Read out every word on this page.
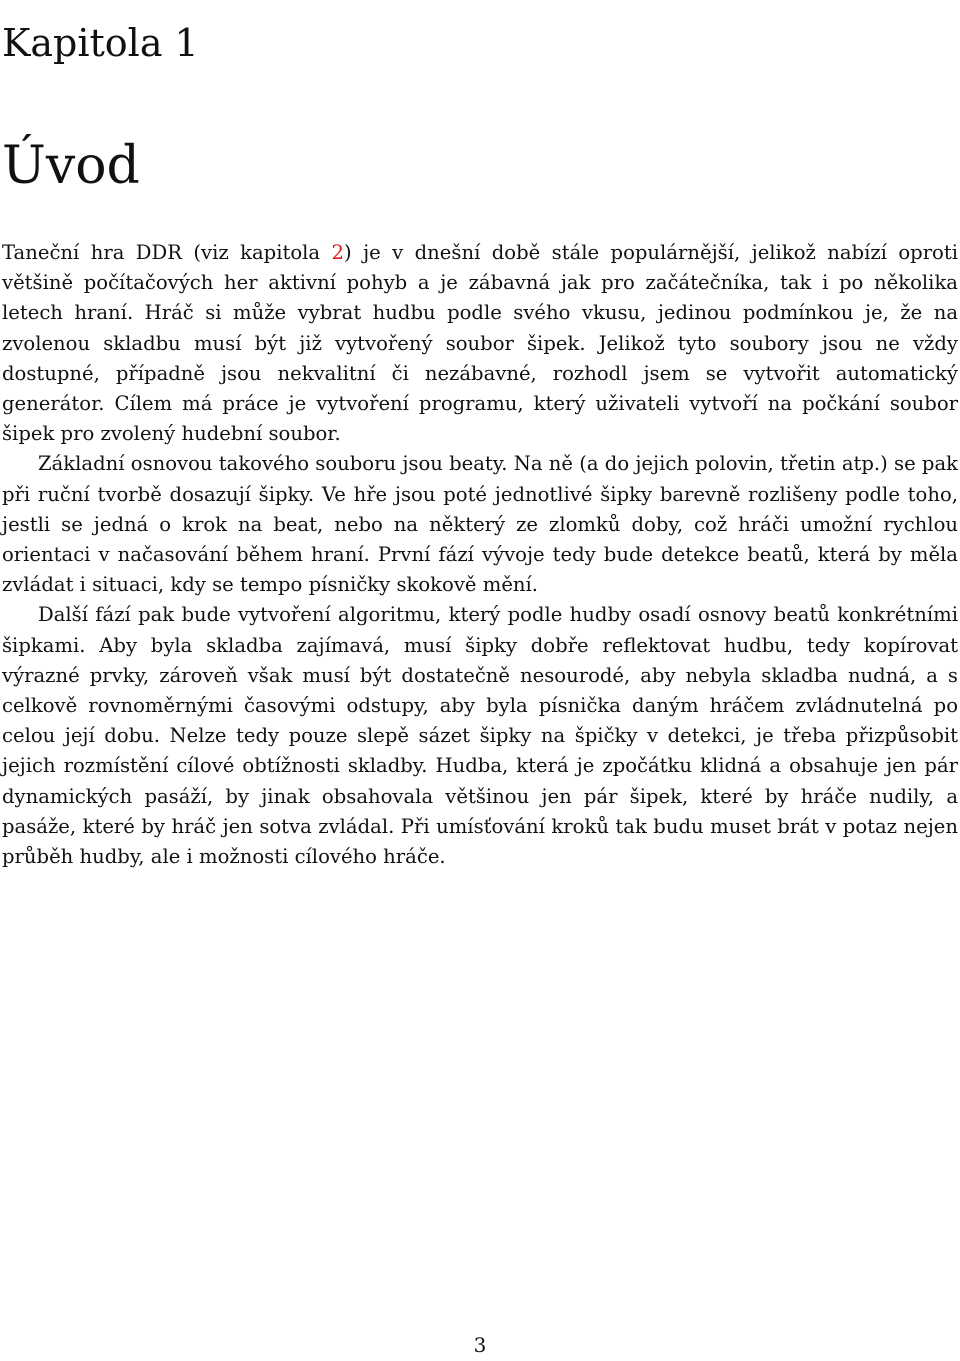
Kapitola 1
Úvod

Taneční hra DDR (viz kapitola 2) je v dnešní době stále populárnější, jelikož nabízí oproti většině počítačových her aktivní pohyb a je zábavná jak pro začátečníka, tak i po několika letech hraní. Hráč si může vybrat hudbu podle svého vkusu, jedinou podmínkou je, že na zvolenou skladbu musí být již vytvořený soubor šipek. Jelikož tyto soubory jsou ne vždy dostupné, případně jsou nekvalitní či nezábavné, rozhodl jsem se vytvořit automatický generátor. Cílem má práce je vytvoření programu, který uživateli vytvoří na počkání soubor šipek pro zvolený hudební soubor.

Základní osnovou takového souboru jsou beaty. Na ně (a do jejich polovin, třetin atp.) se pak při ruční tvorbě dosazují šipky. Ve hře jsou poté jednotlivé šipky barevně rozlišeny podle toho, jestli se jedná o krok na beat, nebo na některý ze zlomků doby, což hráči umožní rychlou orientaci v načasování během hraní. První fází vývoje tedy bude detekce beatů, která by měla zvládat i situaci, kdy se tempo písničky skokově mění.

Další fází pak bude vytvoření algoritmu, který podle hudby osadí osnovy beatů konkrétními šipkami. Aby byla skladba zajímavá, musí šipky dobře reflektovat hudbu, tedy kopírovat výrazné prvky, zároveň však musí být dostatečně nesourodé, aby nebyla skladba nudná, a s celkově rovnoměrnými časovými odstupy, aby byla písnička daným hráčem zvládnutelná po celou její dobu. Nelze tedy pouze slepě sázet šipky na špičky v detekci, je třeba přizpůsobit jejich rozmístění cílové obtížnosti skladby. Hudba, která je zpočátku klidná a obsahuje jen pár dynamických pasáží, by jinak obsahovala většinou jen pár šipek, které by hráče nudily, a pasáže, které by hráč jen sotva zvládal. Při umísťování kroků tak budu muset brát v potaz nejen průběh hudby, ale i možnosti cílového hráče.

3
